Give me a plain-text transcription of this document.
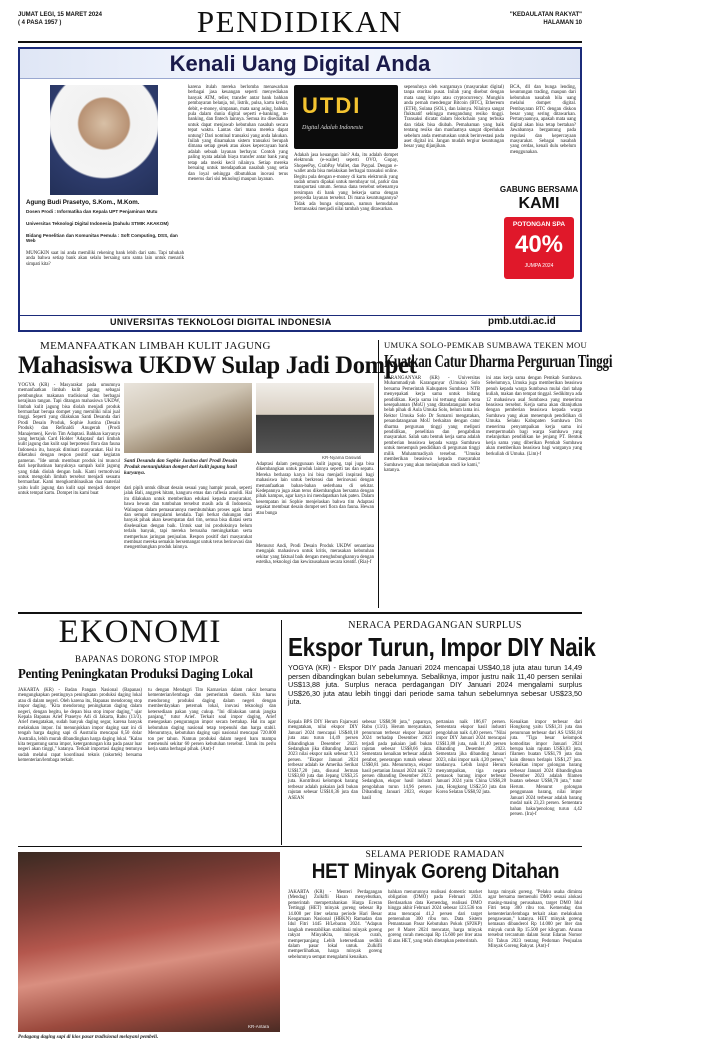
JUMAT LEGI, 15 MARET 2024
( 4 PASA 1957 )	PENDIDIKAN	"KEDAULATAN RAKYAT"
HALAMAN 10
Kenali Uang Digital Anda
Agung Budi Prasetyo, S.Kom., M.Kom.
Dosen Prodi : Informatika dan Kepala UPT Penjaminan Mutu
Universitas Teknologi Digital Indonesia (Dahulu STMIK AKAKOM)
Bidang Penelitian dan Komunitas Pemula : Soft Computing, DSS, dan Web
MUNGKIN saat ini anda memiliki rekening bank lebih dari satu. Tapi tahukah anda bahwa setiap bank akan selalu bersaing satu sama lain untuk menarik simpati kita?
karena itulah mereka berlomba menawarkan berbagai jasa keuangan seperti menyediakan banyak ATM, teller, transfer antar bank bahkan pembayaran belanja, tol, listrik, pulsa, kartu kredit, debit, e-money, simpanan, mata uang asing, bahkan pula dalam dunia digital seperti e-banking, m-banking, dan fintech lainnya. Semua itu disediakan untuk dapat menjawab kebutuhan nasabah secara tepat waktu. Lantas dari mana mereka dapat untung? Dari nominal transaksi yang anda lakukan. Inilah yang dinamakan sistem transaksi berupah dimana setiap gesek atau akses kepercayaan bank adalah sebuah layanan berbayar. Contoh yang paling nyata adalah biaya transfer antar bank yang tetap ada meski kecil nilainya. Setiap mereka bersaing untuk mendapatkan nasabah yang setia dan loyal sehingga dibutuhkan inovasi terus menerus dari sisi teknologi maupun layanan.
UTDI
Digital Adalah Indonesia
Adakah jasa keuangan lain? Ada, itu adalah dompet elektronik (e-wallet) seperti OVO, Gopay, ShopeePay, GrabPay Wallet, dan Paypal. Dengan e-wallet anda bisa melakukan berbagai transaksi online. Begitu pula dengan e-money di kartu elektronik yang sudah umum dipakai untuk membayar tol, parkir dan transportasi umum. Semua dana tersebut sebenarnya tersimpan di bank yang bekerja sama dengan penyedia layanan tersebut. Di mana keuntungannya? Tidak ada bunga simpanan, namun kemudahan bertransaksi menjadi nilai tambah yang ditawarkan.
sepenuhnya oleh wargamaya (masyarakat digital) tanpa otoritas pusat. Inilah yang disebut dengan mata uang kripto atau cryptocurrency. Mungkin anda pernah mendengar Bitcoin (BTC), Ethereum (ETH), Solana (SOL), dan lainnya. Nilainya sangat fluktuatif sehingga mengandung resiko tinggi. Transaksi dicatat dalam blockchain yang terbuka dan tidak bisa diubah. Pemahaman yang baik tentang resiko dan manfaatnya sangat diperlukan sebelum anda memutuskan untuk berinvestasi pada aset digital ini. Jangan mudah tergiur keuntungan besar yang dijanjikan.
BCA, dll dan bunga lending, keuntungan trading, maupun dari kebutuhan nasabah bila uang melalui dompet digital. Pembayaran BTC dengan diskon besar yang sering ditawarkan. Pertanyaannya, apakah mata uang digital akan bisa tetap bertahan? Jawabannya bergantung pada regulasi dan kepercayaan masyarakat. Sebagai nasabah yang cerdas, kenali dulu sebelum menggunakan.
GABUNG BERSAMA
KAMI
POTONGAN SPA
40%
JUMPA 2024
UNIVERSITAS TEKNOLOGI DIGITAL INDONESIA	pmb.utdi.ac.id
MEMANFAATKAN LIMBAH KULIT JAGUNG
Mahasiswa UKDW Sulap Jadi Dompet
YOGYA (KR) - Masyarakat pada umumnya memanfaatkan limbah kulit jagung sebagai pembungkus makanan tradisional dan berbagai kerajinan tangan. Tapi ditangan mahasiswa UKDW, limbah kulit jagung bisa diolah menjadi produk bermanfaat berupa dompet yang memiliki nilai jual tinggi. Seperti yang dilakukan Santi Desanda dari Prodi Desain Produk, Sophie Justina (Desain Produk) dan Refinaldi Anugerah (Prodi Manajemen), Kevin Tim Adaptasi. Bahkan karyanya yang bertajuk Card Holder 'Adaptasi' dari limbah kulit jagung dan kulit sapi berpotensi flora dan fauna Indonesia itu, banyak diminati masyarakat. Hal itu diketahui dengan respon positif saat kegiatan pameran. "Ide untuk membuat produk ini muncul dari keprihatinan banyaknya sampah kulit jagung yang tidak diolah dengan baik. Kami termotivasi untuk mengolah limbah tersebut menjadi sesuatu bermanfaat. Kami mengkombinasikan dua material yaitu kulit jagung dan kulit sapi menjadi dompet untuk tempat kartu. Dompet itu kami buat
Santi Desanda dan Sophie Justina dari Prodi Desain Produk menunjukkan dompet dari kulit jagung hasil karyanya.
KR-Nyama Daswati
dari pipih untuk dibuat desain sesuai yang hampir punah, seperti jalak Bali, anggrek hitam, kanguru emas dan raflesia arnoldi. Hal itu dilakukan untuk memberikan edukasi kepada masyarakat, bawa hewan dan tumbuhan tersebut masih ada di Indonesia. Walaupun dalam pemasarannya membutuhkan proses agak lama dan sempat mengalami kendala. Tapi berkat dukungan dari banyak pihak akan kesempatan dari tim, semua bisa diatasi serta diselesaikan dengan baik. Untuk saat ini produksinya belum terlalu banyak, tapi mereka berusaha meningkatkan serta memperluas jaringan penjualan. Respon positif dari masyarakat membuat mereka semakin bersemangat untuk terus berinovasi dan mengembangkan produk lainnya.
Adaptasi dalam penggunaan kulit jagung, tapi juga bisa dikembangkan untuk produk lainnya seperti tas dan sepatu. Mereka berharap karya ini bisa menjadi inspirasi bagi mahasiswa lain untuk berkreasi dan berinovasi dengan memanfaatkan bahan-bahan sederhana di sekitar. Kedepannya juga akan terus dikembangkan bersama dengan pihak kampus, agar karya ini mendapatkan hak paten. Dalam kesempatan ini Sophie menjelaskan bahwa tim Adaptasi sepakat membuat desain dompet seri flora dan fauna. Hewan atau bunga
Memurut Andi, Prodi Desain Produk UKDW senantiasa mengajak mahasiswa untuk kritis, merasakan kebutuhan sekitar yang faktual baik dengan menghubungkannya dengan estetika, teknologi dan kewirausahaan secara kreatif. (Ria)-f
UMUKA SOLO-PEMKAB SUMBAWA TEKEN MOU
Kuatkan Catur Dharma Perguruan Tinggi
KARANGANYAR (KR) - Universitas Muhammadiyah Karanganyar (Umuka) Solo bersama Pemerintah Kabupaten Sumbawa NTB menyepakati kerja sama untuk bidang pendidikan. Kerja sama ini tertuang dalam nota kesepahaman (MoU) yang ditandatangani kedua belah pihak di Aula Umuka Solo, belum lama ini. Rektor Umuka Solo Dr Sumarni mengatakan, penandatanganan MoU berkaitan dengan catur dharma perguruan tinggi yang meliputi pendidikan, penelitian dan pengabdian masyarakat. Salah satu bentuk kerja sama adalah pemberian beasiswa kepada warga Sumbawa untuk menempuh pendidikan di perguruan tinggi milik Muhammadiyah tersebut. "Umuka memberikan beasiswa kepada masyarakat Sumbawa yang akan melanjutkan studi ke kami," katanya.
ini atas kerja sama dengan Pemkab Sumbawa. Sebelumnya, Umuka juga memberikan beasiswa penuh kepada warga Sumbawa mulai dari tahap kuliah, makan dan tempat tinggal. Sedikitnya ada 12 mahasiswa asal Sumbawa yang menerima beasiswa tersebut. Kerja sama akan ditanjutkan dengan pemberian beasiswa kepada warga Sumbawa yang akan menempuh pendidikan di Umuka. Selaku Kabupaten Sumbawa Drs menerima penyampaikan kerja sama ini mempermudah bagi warga Sumbawa yang melanjutkan pendidikan ke jenjang PT. Bentuk kerja sama yang diberikan Pemkab Sumbawa akan memberikan beasiswa bagi warganya yang berkuliah di Umuka. (Lim)-f
EKONOMI
BAPANAS DORONG STOP IMPOR
Penting Peningkatan Produksi Daging Lokal
JAKARTA (KR) - Badan Pangan Nasional (Bapanas) mengungkapkan pentingnya peningkatan produksi daging lokal atau di dalam negeri. Oleh karena itu, Bapanas mendorong stop impor daging. "Kita mendorong peningkatan daging dalam negeri, dengan begitu, ke depan bisa stop impor daging," ujar Kepala Bapanas Arief Prasetyo Adi di Jakarta, Rabu (13/3). Arief mengatakan, sudah banyak daging segar, karena banyak melakukan impor. Ini menunjukkan impor daging saat ini di tengah harga daging sapi di Australia mencapai 8,50 dolar Australia, lebih murah dibandingkan harga daging lokal. "Kalau kita tergantung sama impor, ketergantungan kita pada pasar luar negeri akan tinggi," katanya. Terkait importasi daging tentunya sudah melalui rapat koordinasi teknis (rakortek) bersama kementerian/lembaga terkait.
tu dengan Mendagri Tito Karnavian dalam rakor bersama kementerian/lembaga dan pemerintah daerah. Kita harus mendorong produksi daging dalam negeri dengan memberdayakan peternak lokal, inovasi teknologi dan ketersediaan pakan yang cukup. "Ini dilakukan untuk jangka panjang," tutur Arief. Terkait soal impor daging, Arief menegaskan pengurangan impor secara bertahap. Hal itu agar kebutuhan daging nasional tetap terpenuhi dan harga stabil. Menurutnya, kebutuhan daging sapi nasional mencapai 720.000 ton per tahun. Namun produksi dalam negeri baru mampu memenuhi sekitar 60 persen kebutuhan tersebut. Untuk itu perlu kerja sama berbagai pihak. (Ant)-f
NERACA PERDAGANGAN SURPLUS
Ekspor Turun, Impor DIY Naik
YOGYA (KR) - Ekspor DIY pada Januari 2024 mencapai US$40,18 juta atau turun 14,49 persen dibandingkan bulan sebelumnya. Sebaliknya, impor justru naik 11,40 persen senilai US$13,88 juta. Surplus neraca perdagangan DIY Januari 2024 mengalami surplus US$26,30 juta atau lebih tinggi dari periode sama tahun sebelumnya sebesar US$23,50 juta.
Kepala BPS DIY Herum Fajarwati mengatakan, nilai ekspor DIY Januari 2024 mencapai US$40,18 juta atau turun 14,49 persen dibandingkan Desember 2023. Sedangkan jika dibanding Januari 2023 nilai ekspor naik sebesar 9,13 persen. "Ekspor Januari 2024 terbesar adalah ke Amerika Serikat US$17,20 juta, disusul Jerman US$3,80 juta dan Jepang US$3,25 juta. Kontribusi kelompok barang terbesar adalah pakaian jadi bukan rajutan sebesar US$10,36 juta dan ASEAN
sebesar US$0,90 juta," paparnya, Rabu (13/3). Herum menyatakan, penurunan terbesar ekspor Januari 2024 terhadap Desember 2023 terjadi pada pakaian jadi bukan rajutan sebesar US$8,66 juta. Sementara kenaikan terbesar adalah perabot, penerangan rumah sebesar US$0,81 juta. Menurutnya, ekspor hasil pertanian Januari 2024 naik 72 persen dibanding Desember 2023. Sedangkan, ekspor hasil industri pengolahan turun 14,96 persen. Dibanding Januari 2023, ekspor hasil
pertanian naik 186,67 persen. Sementara ekspor hasil industri pengolahan naik 4,40 persen. "Nilai impor DIY Januari 2024 mencapai US$13,88 juta, naik 11,40 persen dibanding Desember 2023. Sementara jika dibanding Januari 2023, nilai impor naik 4,20 persen," tandasnya. Lebih lanjut Herum menyampaikan, tiga negara pemasok barang impor terbesar Januari 2024 yaitu China US$6,28 juta, Hongkong US$2,50 juta dan Korea Selatan US$0,92 juta.
Kenaikan impor terbesar dari Hongkong yaitu US$1,31 juta dan penurunan terbesar dari AS US$1,84 juta. "Tiga besar kelompok komoditas impor Januari 2024 berupa kain rajutan US$3,03 juta, filamen buatan US$1,79 juta dan kain ditenun berlapis US$1,27 juta. Kenaikan impor golongan barang terbesar Januari 2024 dibandingkan Desember 2023 adalah filamen buatan sebesar US$0,70 juta," tutur Herum. Menurut golongan penggunaan barang, nilai impor Januari 2024 terbesar adalah barang modal naik 23,23 persen. Sementara bahan baku/penolong turun 4,42 persen. (Ira)-f
KR-Antara
Pedagang daging sapi di kios pasar tradisional melayani pembeli.
SELAMA PERIODE RAMADAN
HET Minyak Goreng Ditahan
JAKARTA (KR) - Menteri Perdagangan (Mendag) Zulkifli Hasan menyebutkan, pemerintah mempertahankan Harga Eceran Tertinggi (HET) minyak goreng sebesar Rp 14.000 per liter selama periode Hari Besar Keagamaan Nasional (HBKN) Ramadan dan Idul Fitri 1445 H/Lebaran 2024. "Adapun langkah menstabilkan stabilitasi minyak goreng rakyat MinyaKita, minyak curah, memperpanjang Lebih ketersediaan sedikit dalam pasar lokal untuk. Zulkifli memperlihatkan, harga minyak goreng sebelumnya sempat mengalami kenaikan.
bahkan menurunnya realisasi domestic market obligation (DMO) pada Februari 2024. Berdasarkan data Kemendag, realisasi DMO hingga akhir Februari 2024 sebesar 123.536 ton atau mencapai 41,2 persen dari target pemenuhan 300 ribu ton. Data Sistem Pemantauan Pasar Kebutuhan Pokok (SP2KP) per 8 Maret 2024 mencatat, harga minyak goreng curah mencapai Rp 15.600 per liter atau di atas HET, yang telah ditetapkan pemerintah.
harga minyak goreng. "Pelaku usaha diminta agar bersama memenuhi DMO sesuai alokasi masing-masing perusahaan, target DMO Idul Fitri tetap 300 ribu ton. Kemendag dan kementerian/lembaga terkait akan melakukan pengawasan," katanya. HET minyak goreng kemasan dibanderol Rp 14.000 per liter dan minyak curah Rp 15.500 per kilogram. Aturan tersebut tercantum dalam Surat Edaran Nomor 03 Tahun 2023 tentang Pedoman Penjualan Minyak Goreng Rakyat. (Ant)-f
